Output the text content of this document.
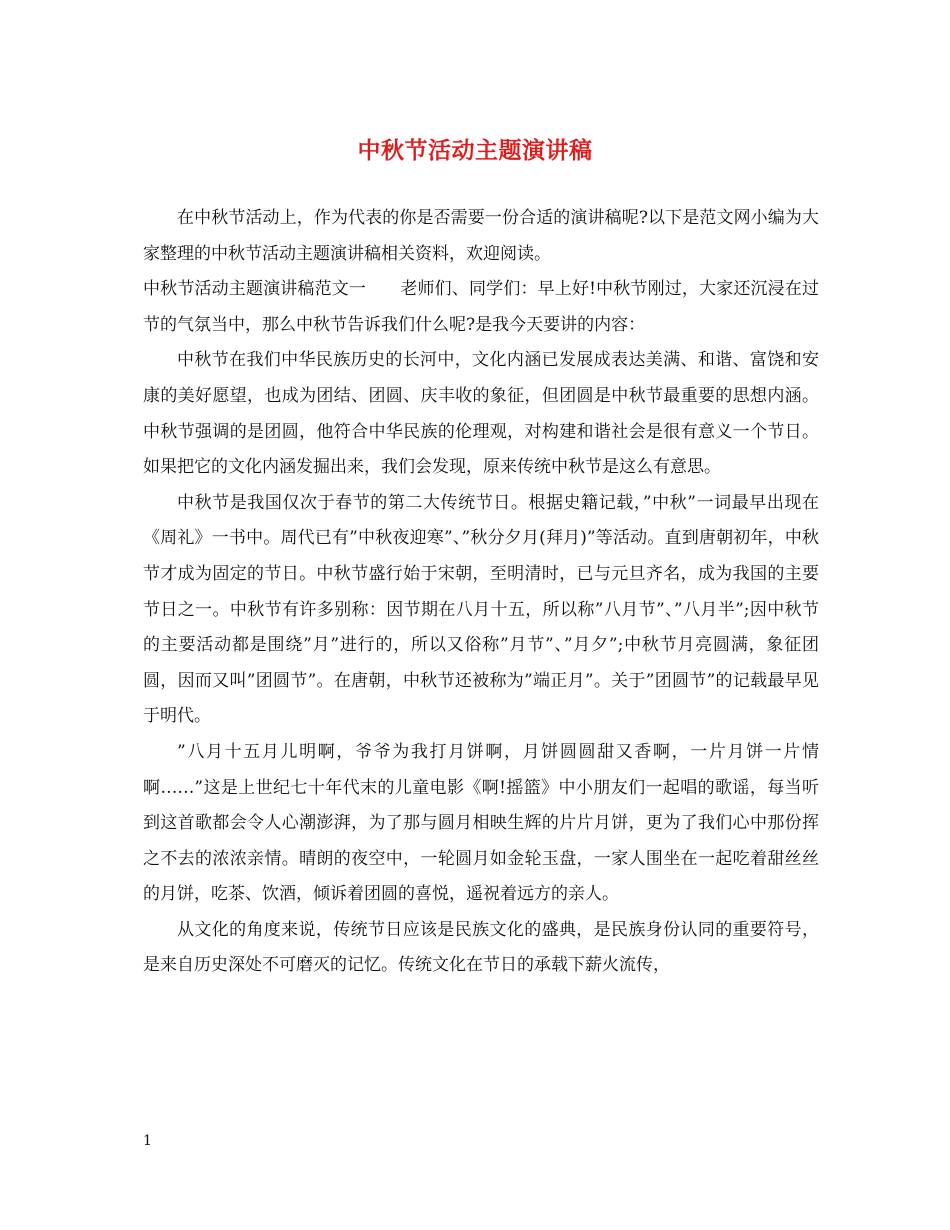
中秋节活动主题演讲稿

在中秋节活动上，作为代表的你是否需要一份合适的演讲稿呢?以下是范文网小编为大家整理的中秋节活动主题演讲稿相关资料，欢迎阅读。

中秋节活动主题演讲稿范文一　　老师们、同学们：早上好!中秋节刚过，大家还沉浸在过节的气氛当中，那么中秋节告诉我们什么呢?是我今天要讲的内容：

中秋节在我们中华民族历史的长河中，文化内涵已发展成表达美满、和谐、富饶和安康的美好愿望，也成为团结、团圆、庆丰收的象征，但团圆是中秋节最重要的思想内涵。中秋节强调的是团圆，他符合中华民族的伦理观，对构建和谐社会是很有意义一个节日。如果把它的文化内涵发掘出来，我们会发现，原来传统中秋节是这么有意思。

中秋节是我国仅次于春节的第二大传统节日。根据史籍记载，”中秋”一词最早出现在《周礼》一书中。周代已有”中秋夜迎寒”、”秋分夕月(拜月)”等活动。直到唐朝初年，中秋节才成为固定的节日。中秋节盛行始于宋朝，至明清时，已与元旦齐名，成为我国的主要节日之一。中秋节有许多别称：因节期在八月十五，所以称”八月节”、”八月半”;因中秋节的主要活动都是围绕”月”进行的，所以又俗称”月节”、”月夕”;中秋节月亮圆满，象征团圆，因而又叫”团圆节”。在唐朝，中秋节还被称为”端正月”。关于”团圆节”的记载最早见于明代。

”八月十五月儿明啊，爷爷为我打月饼啊，月饼圆圆甜又香啊，一片月饼一片情啊……”这是上世纪七十年代末的儿童电影《啊!摇篮》中小朋友们一起唱的歌谣，每当听到这首歌都会令人心潮澎湃，为了那与圆月相映生辉的片片月饼，更为了我们心中那份挥之不去的浓浓亲情。晴朗的夜空中，一轮圆月如金轮玉盘，一家人围坐在一起吃着甜丝丝的月饼，吃茶、饮酒，倾诉着团圆的喜悦，遥祝着远方的亲人。

从文化的角度来说，传统节日应该是民族文化的盛典，是民族身份认同的重要符号，是来自历史深处不可磨灭的记忆。传统文化在节日的承载下薪火流传，

1
